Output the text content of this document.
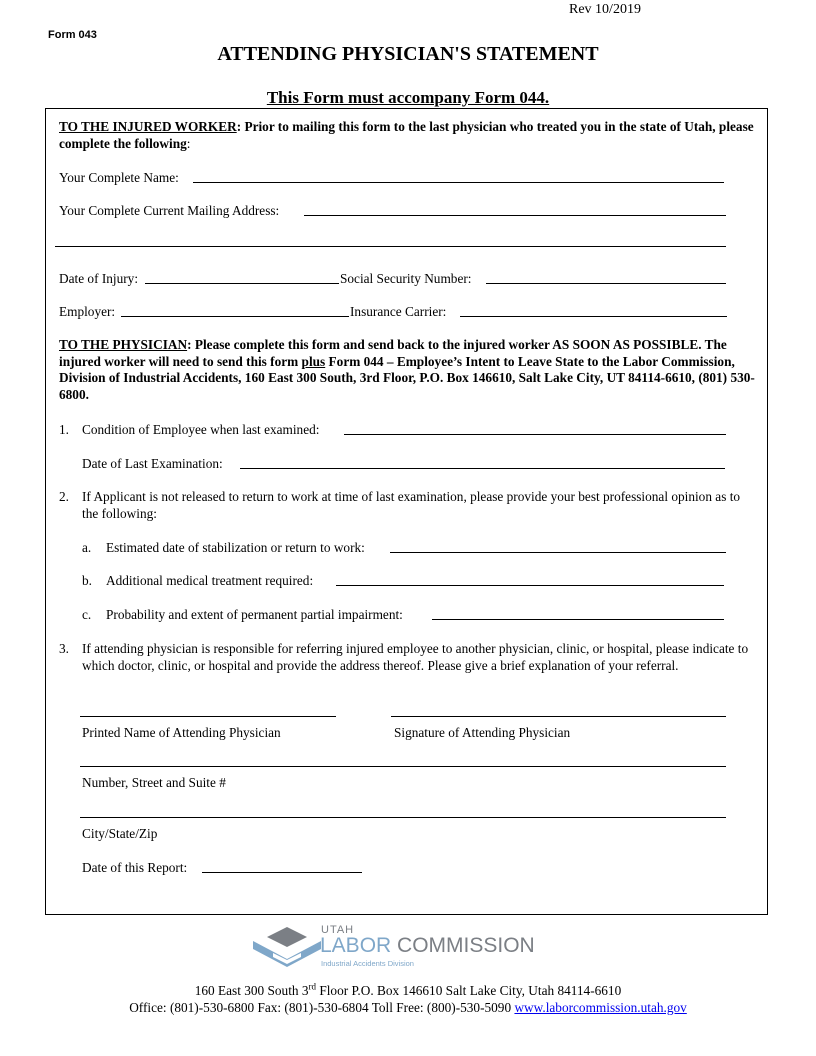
Rev 10/2019
Form 043
ATTENDING PHYSICIAN'S STATEMENT
This Form must accompany Form 044.
TO THE INJURED WORKER: Prior to mailing this form to the last physician who treated you in the state of Utah, please complete the following:
Your Complete Name:
Your Complete Current Mailing Address:
Date of Injury:	Social Security Number:
Employer:	Insurance Carrier:
TO THE PHYSICIAN: Please complete this form and send back to the injured worker AS SOON AS POSSIBLE. The injured worker will need to send this form plus Form 044 – Employee’s Intent to Leave State to the Labor Commission, Division of Industrial Accidents, 160 East 300 South, 3rd Floor, P.O. Box 146610, Salt Lake City, UT 84114-6610, (801) 530-6800.
1. Condition of Employee when last examined:
Date of Last Examination:
2. If Applicant is not released to return to work at time of last examination, please provide your best professional opinion as to the following:
a. Estimated date of stabilization or return to work:
b. Additional medical treatment required:
c. Probability and extent of permanent partial impairment:
3. If attending physician is responsible for referring injured employee to another physician, clinic, or hospital, please indicate to which doctor, clinic, or hospital and provide the address thereof. Please give a brief explanation of your referral.
Printed Name of Attending Physician	Signature of Attending Physician
Number, Street and Suite #
City/State/Zip
Date of this Report:
UTAH
LABOR COMMISSION
Industrial Accidents Division
160 East 300 South 3rd Floor P.O. Box 146610 Salt Lake City, Utah 84114-6610
Office: (801)-530-6800 Fax: (801)-530-6804 Toll Free: (800)-530-5090 www.laborcommission.utah.gov
